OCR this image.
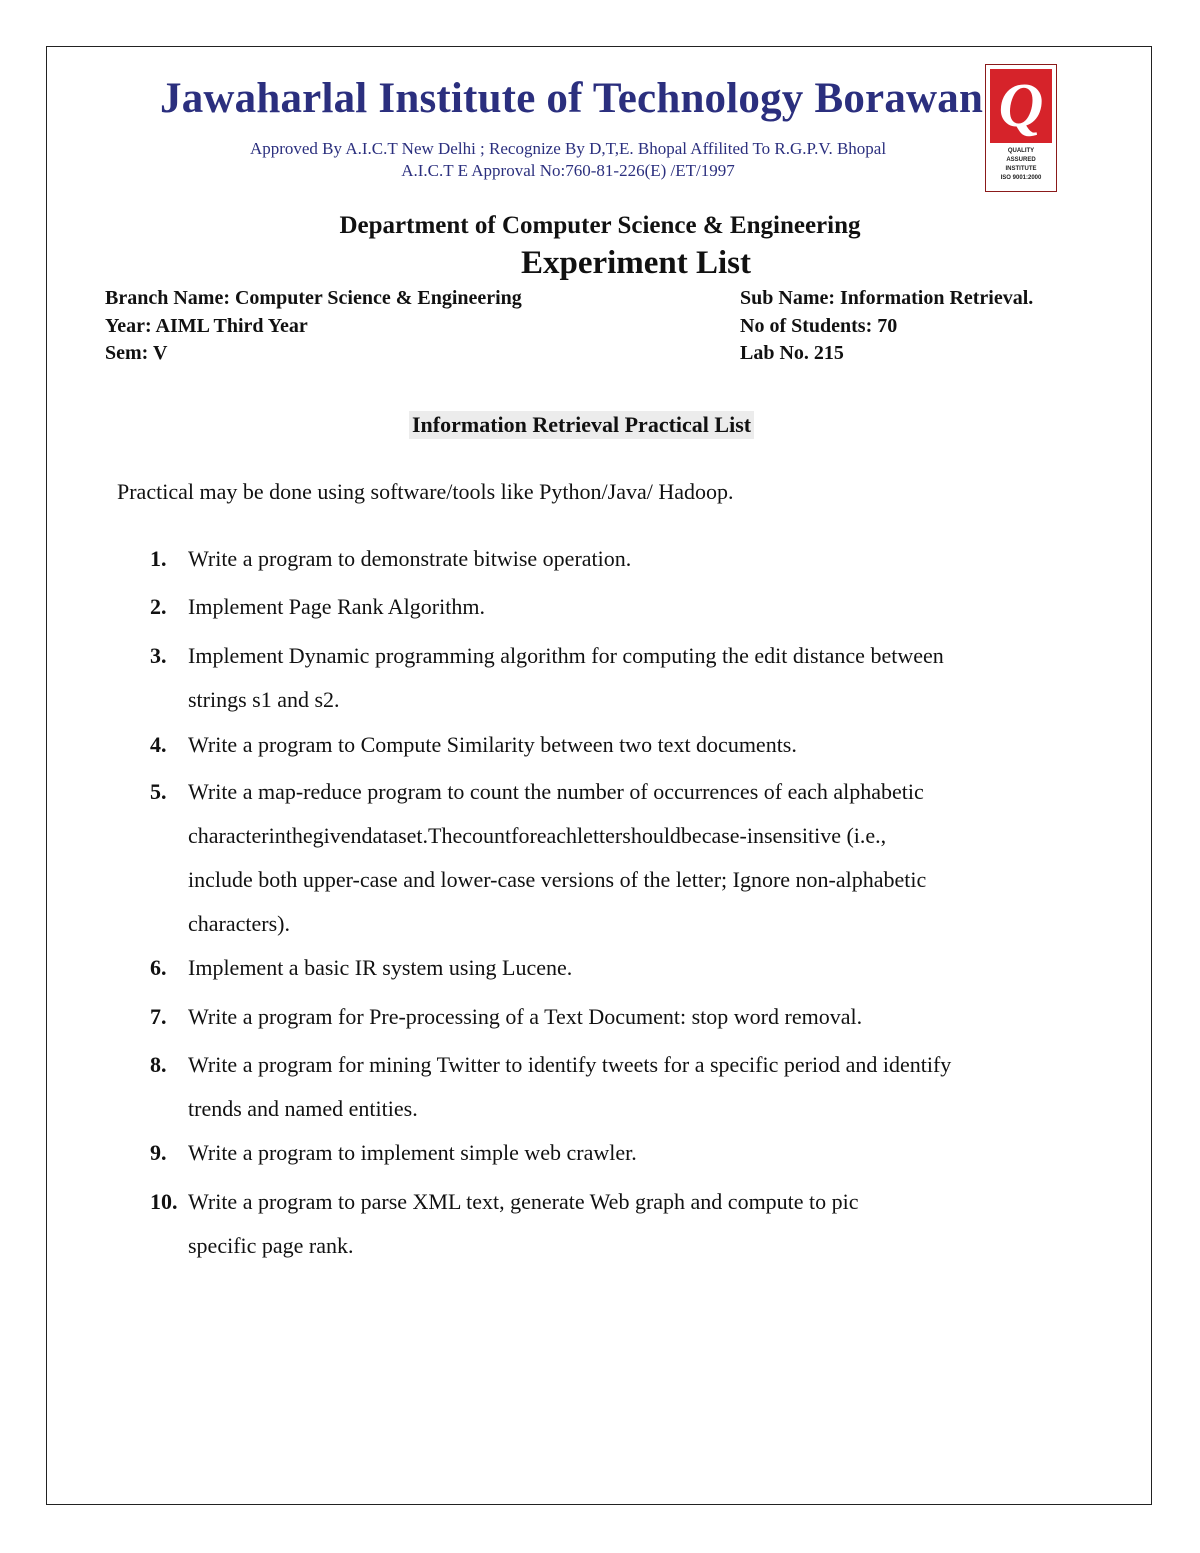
Jawaharlal Institute of Technology Borawan
Approved By A.I.C.T New Delhi ; Recognize By D,T,E. Bhopal Affilited To R.G.P.V. Bhopal
A.I.C.T E Approval No:760-81-226(E) /ET/1997
Q
QUALITY
ASSURED
INSTITUTE
ISO 9001:2000
Department of Computer Science & Engineering
Experiment List
Branch Name: Computer Science & Engineering
Year: AIML Third Year
Sem: V
Sub Name: Information Retrieval.
No of Students: 70
Lab No. 215
Information Retrieval Practical List
Practical may be done using software/tools like Python/Java/ Hadoop.
1. Write a program to demonstrate bitwise operation.
2. Implement Page Rank Algorithm.
3. Implement Dynamic programming algorithm for computing the edit distance between
strings s1 and s2.
4. Write a program to Compute Similarity between two text documents.
5. Write a map-reduce program to count the number of occurrences of each alphabetic
characterinthegivendataset.Thecountforeachlettershouldbecase-insensitive (i.e.,
include both upper-case and lower-case versions of the letter; Ignore non-alphabetic
characters).
6. Implement a basic IR system using Lucene.
7. Write a program for Pre-processing of a Text Document: stop word removal.
8. Write a program for mining Twitter to identify tweets for a specific period and identify
trends and named entities.
9. Write a program to implement simple web crawler.
10. Write a program to parse XML text, generate Web graph and compute to pic
specific page rank.
